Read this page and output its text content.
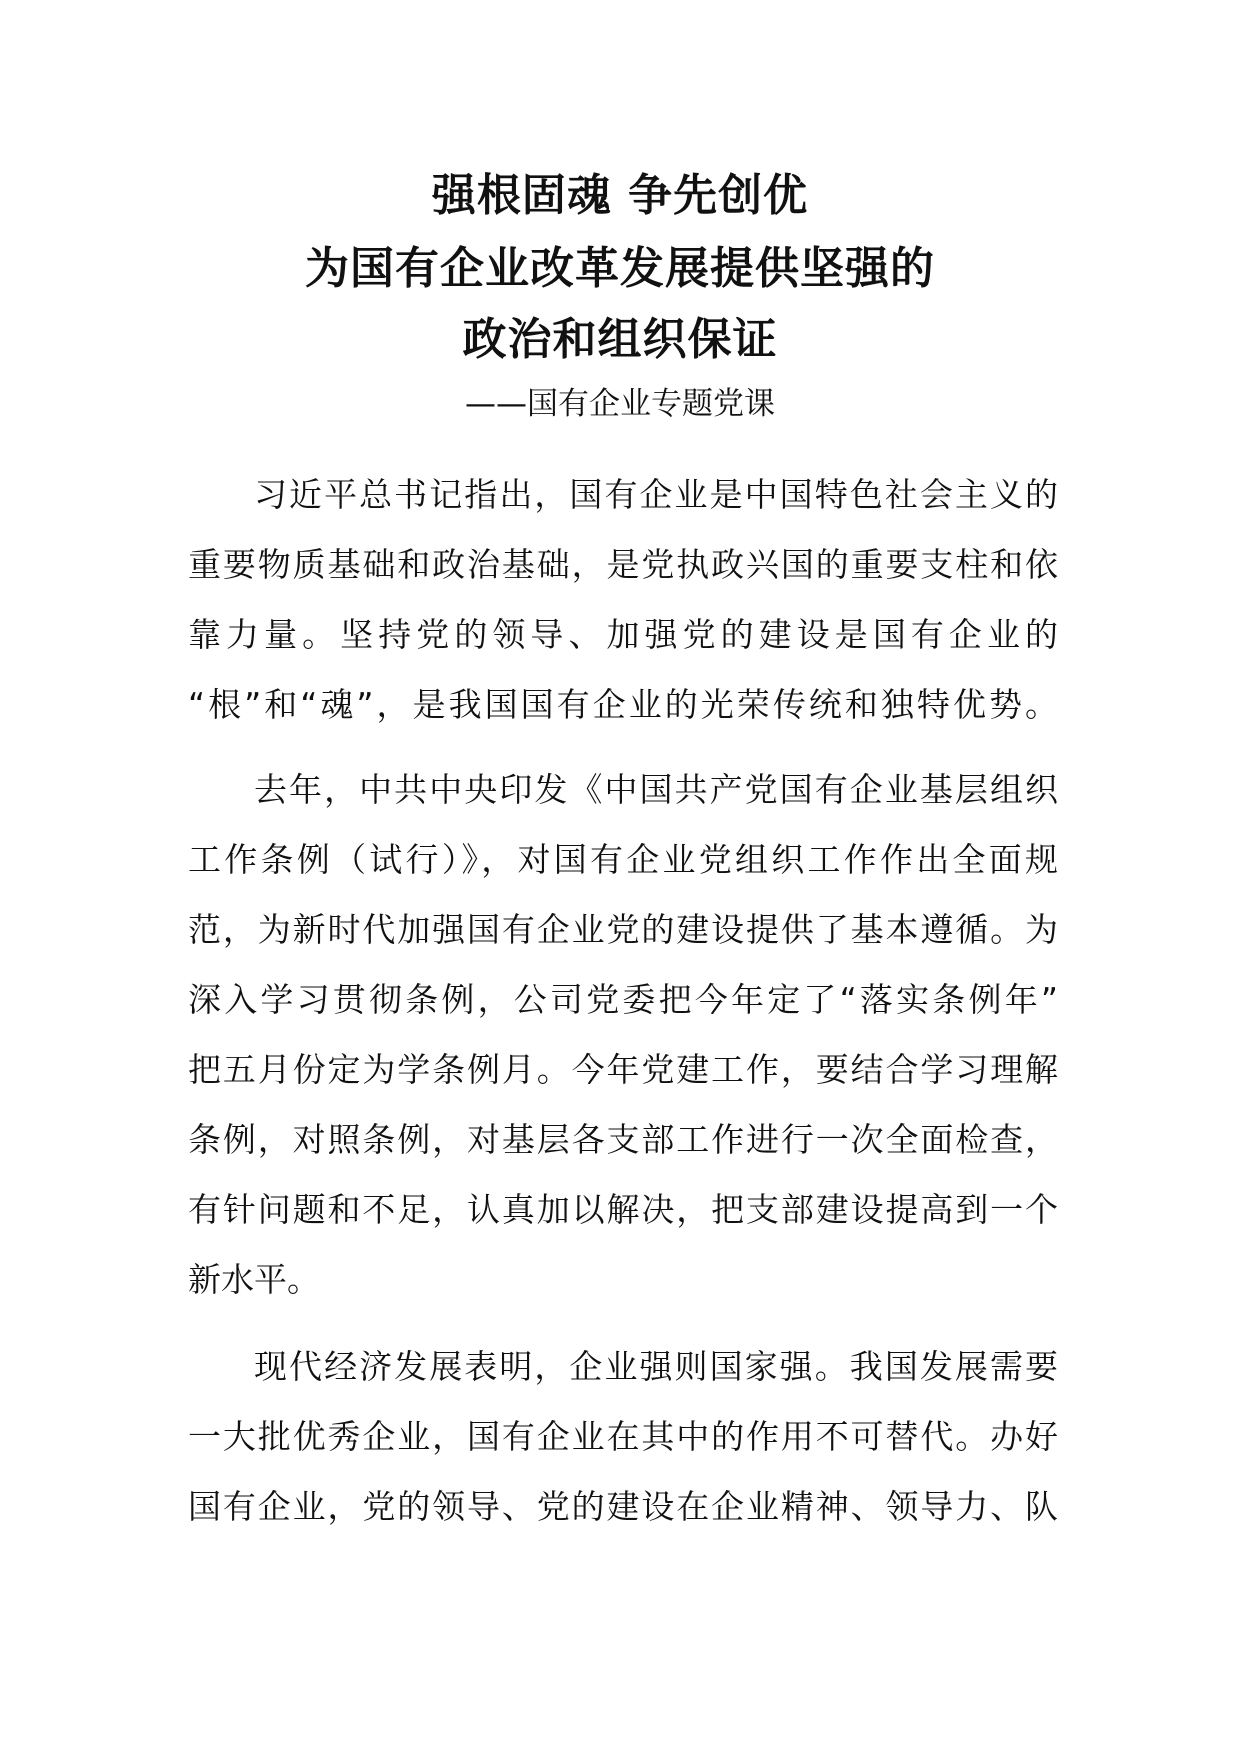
强根固魂 争先创优
为国有企业改革发展提供坚强的
政治和组织保证
——国有企业专题党课
习近平总书记指出，国有企业是中国特色社会主义的
重要物质基础和政治基础，是党执政兴国的重要支柱和依
靠力量。坚持党的领导、加强党的建设是国有企业的
“根”和“魂”，是我国国有企业的光荣传统和独特优势。
去年，中共中央印发《中国共产党国有企业基层组织
工作条例（试行）》，对国有企业党组织工作作出全面规
范，为新时代加强国有企业党的建设提供了基本遵循。为
深入学习贯彻条例，公司党委把今年定了“落实条例年”
把五月份定为学条例月。今年党建工作，要结合学习理解
条例，对照条例，对基层各支部工作进行一次全面检查，
有针问题和不足，认真加以解决，把支部建设提高到一个
新水平。
现代经济发展表明，企业强则国家强。我国发展需要
一大批优秀企业，国有企业在其中的作用不可替代。办好
国有企业，党的领导、党的建设在企业精神、领导力、队
